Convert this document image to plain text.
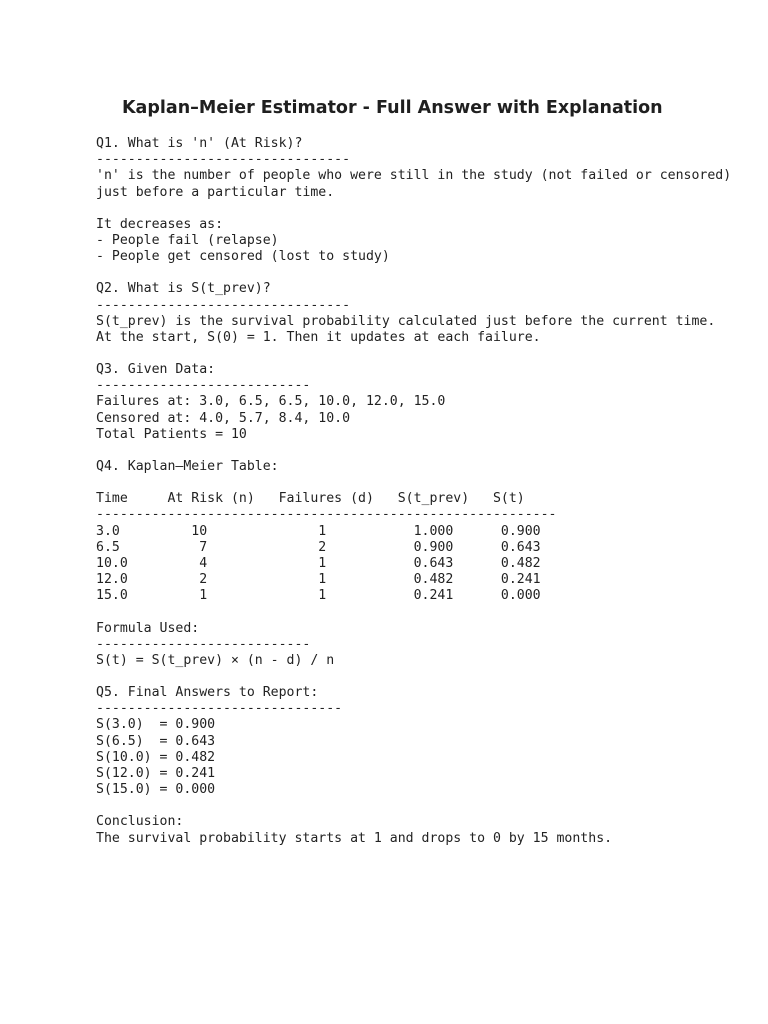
Kaplan–Meier Estimator - Full Answer with Explanation
Q1. What is 'n' (At Risk)?
--------------------------------
'n' is the number of people who were still in the study (not failed or censored)
just before a particular time.
It decreases as:
- People fail (relapse)
- People get censored (lost to study)
Q2. What is S(t_prev)?
--------------------------------
S(t_prev) is the survival probability calculated just before the current time.
At the start, S(0) = 1. Then it updates at each failure.
Q3. Given Data:
---------------------------
Failures at: 3.0, 6.5, 6.5, 10.0, 12.0, 15.0
Censored at: 4.0, 5.7, 8.4, 10.0
Total Patients = 10
Q4. Kaplan–Meier Table:
Time     At Risk (n)   Failures (d)   S(t_prev)   S(t)
----------------------------------------------------------
3.0         10              1           1.000      0.900
6.5          7              2           0.900      0.643
10.0         4              1           0.643      0.482
12.0         2              1           0.482      0.241
15.0         1              1           0.241      0.000
Formula Used:
---------------------------
S(t) = S(t_prev) × (n - d) / n
Q5. Final Answers to Report:
-------------------------------
S(3.0)  = 0.900
S(6.5)  = 0.643
S(10.0) = 0.482
S(12.0) = 0.241
S(15.0) = 0.000
Conclusion:
The survival probability starts at 1 and drops to 0 by 15 months.
